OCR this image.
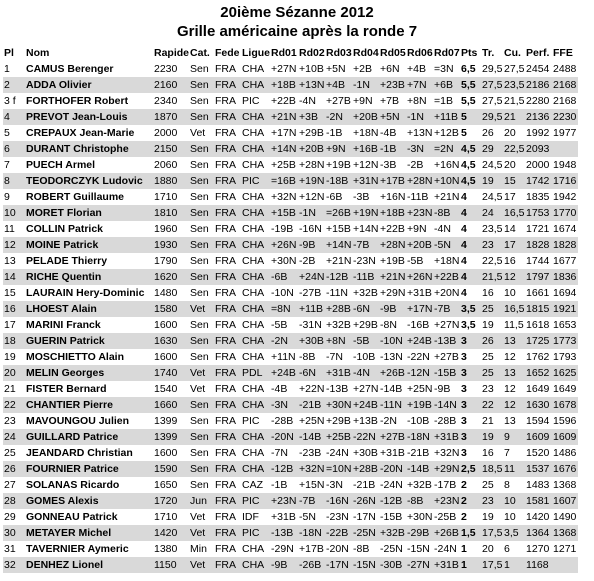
20ième Sézanne 2012
Grille américaine après la ronde 7
Pl	Nom	Rapide	Cat.	Fede	Ligue	Rd01	Rd02	Rd03	Rd04	Rd05	Rd06	Rd07	Pts	Tr.	Cu.	Perf.	FFE
1	CAMUS Berenger	2230	Sen	FRA	CHA	+27N	+10B	+5N	+2B	+6N	+4B	=3N	6,5	29,5	27,5	2454	2488
2	ADDA Olivier	2160	Sen	FRA	CHA	+18B	+13N	+4B	-1N	+23B	+7N	+6B	5,5	27,5	23,5	2186	2168
3 f	FORTHOFER Robert	2340	Sen	FRA	PIC	+22B	-4N	+27B	+9N	+7B	+8N	=1B	5,5	27,5	21,5	2280	2168
4	PREVOT Jean-Louis	1870	Sen	FRA	CHA	+21N	+3B	-2N	+20B	+5N	-1N	+11B	5	29,5	21	2136	2230
5	CREPAUX Jean-Marie	2000	Vet	FRA	CHA	+17N	+29B	-1B	+18N	-4B	+13N	+12B	5	26	20	1992	1977
6	DURANT Christophe	2150	Sen	FRA	CHA	+14N	+20B	+9N	+16B	-1B	-3N	=2N	4,5	29	22,5	2093	
7	PUECH Armel	2060	Sen	FRA	CHA	+25B	+28N	+19B	+12N	-3B	-2B	+16N	4,5	24,5	20	2000	1948
8	TEODORCZYK Ludovic	1880	Sen	FRA	PIC	=16B	+19N	-18B	+31N	+17B	+28N	+10N	4,5	19	15	1742	1716
9	ROBERT Guillaume	1710	Sen	FRA	CHA	+32N	+12N	-6B	-3B	+16N	-11B	+21N	4	24,5	17	1835	1942
10	MORET Florian	1810	Sen	FRA	CHA	+15B	-1N	=26B	+19N	+18B	+23N	-8B	4	24	16,5	1753	1770
11	COLLIN Patrick	1960	Sen	FRA	CHA	-19B	-16N	+15B	+14N	+22B	+9N	-4N	4	23,5	14	1721	1674
12	MOINE Patrick	1930	Sen	FRA	CHA	+26N	-9B	+14N	-7B	+28N	+20B	-5N	4	23	17	1828	1828
13	PELADE Thierry	1790	Sen	FRA	CHA	+30N	-2B	+21N	-23N	+19B	-5B	+18N	4	22,5	16	1744	1677
14	RICHE Quentin	1620	Sen	FRA	CHA	-6B	+24N	-12B	-11B	+21N	+26N	+22B	4	21,5	12	1797	1836
15	LAURAIN Hery-Dominic	1480	Sen	FRA	CHA	-10N	-27B	-11N	+32B	+29N	+31B	+20N	4	16	10	1661	1694
16	LHOEST Alain	1580	Vet	FRA	CHA	=8N	+11B	+28B	-6N	-9B	+17N	-7B	3,5	25	16,5	1815	1921
17	MARINI Franck	1600	Sen	FRA	CHA	-5B	-31N	+32B	+29B	-8N	-16B	+27N	3,5	19	11,5	1618	1653
18	GUERIN Patrick	1630	Sen	FRA	CHA	-2N	+30B	+8N	-5B	-10N	+24B	-13B	3	26	13	1725	1773
19	MOSCHIETTO Alain	1600	Sen	FRA	CHA	+11N	-8B	-7N	-10B	-13N	-22N	+27B	3	25	12	1762	1793
20	MELIN Georges	1740	Vet	FRA	PDL	+24B	-6N	+31B	-4N	+26B	-12N	-15B	3	25	13	1652	1625
21	FISTER Bernard	1540	Vet	FRA	CHA	-4B	+22N	-13B	+27N	-14B	+25N	-9B	3	23	12	1649	1649
22	CHANTIER Pierre	1660	Sen	FRA	CHA	-3N	-21B	+30N	+24B	-11N	+19B	-14N	3	22	12	1630	1678
23	MAVOUNGOU Julien	1399	Sen	FRA	PIC	-28B	+25N	+29B	+13B	-2N	-10B	-28B	3	21	13	1594	1596
24	GUILLARD Patrice	1399	Sen	FRA	CHA	-20N	-14B	+25B	-22N	+27B	-18N	+31B	3	19	9	1609	1609
25	JEANDARD Christian	1600	Sen	FRA	CHA	-7N	-23B	-24N	+30B	+31B	-21B	+32N	3	16	7	1520	1486
26	FOURNIER Patrice	1590	Sen	FRA	CHA	-12B	+32N	=10N	+28B	-20N	-14B	+29N	2,5	18,5	11	1537	1676
27	SOLANAS Ricardo	1650	Sen	FRA	CAZ	-1B	+15N	-3N	-21B	-24N	+32B	-17B	2	25	8	1483	1368
28	GOMES Alexis	1720	Jun	FRA	PIC	+23N	-7B	-16N	-26N	-12B	-8B	+23N	2	23	10	1581	1607
29	GONNEAU Patrick	1710	Vet	FRA	IDF	+31B	-5N	-23N	-17N	-15B	+30N	-25B	2	19	10	1420	1490
30	METAYER Michel	1420	Vet	FRA	PIC	-13B	-18N	-22B	-25N	+32B	-29B	+26B	1,5	17,5	3,5	1364	1368
31	TAVERNIER Aymeric	1380	Min	FRA	CHA	-29N	+17B	-20N	-8B	-25N	-15N	-24N	1	20	6	1270	1271
32	DENHEZ Lionel	1150	Vet	FRA	CHA	-9B	-26B	-17N	-15N	-30B	-27N	+31B	1	17,5	1	1168	
